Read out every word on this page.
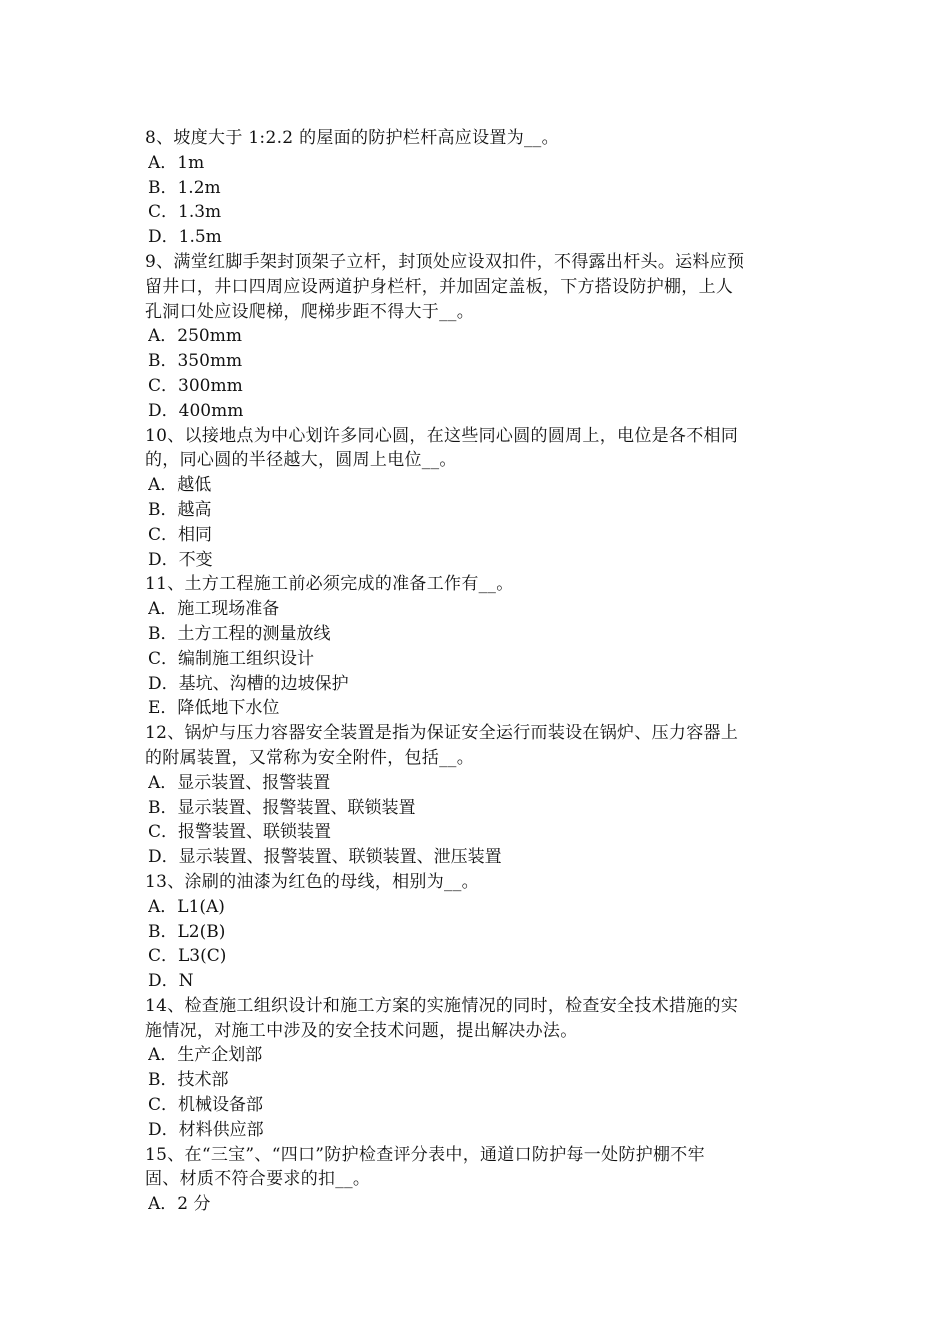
8、坡度大于 1:2.2 的屋面的防护栏杆高应设置为__。
A．1m
B．1.2m
C．1.3m
D．1.5m
9、满堂红脚手架封顶架子立杆，封顶处应设双扣件，不得露出杆头。运料应预
留井口，井口四周应设两道护身栏杆，并加固定盖板，下方搭设防护棚，上人
孔洞口处应设爬梯，爬梯步距不得大于__。
A．250mm
B．350mm
C．300mm
D．400mm
10、以接地点为中心划许多同心圆，在这些同心圆的圆周上，电位是各不相同
的，同心圆的半径越大，圆周上电位__。
A．越低
B．越高
C．相同
D．不变
11、土方工程施工前必须完成的准备工作有__。
A．施工现场准备
B．土方工程的测量放线
C．编制施工组织设计
D．基坑、沟槽的边坡保护
E．降低地下水位
12、锅炉与压力容器安全装置是指为保证安全运行而装设在锅炉、压力容器上
的附属装置，又常称为安全附件，包括__。
A．显示装置、报警装置
B．显示装置、报警装置、联锁装置
C．报警装置、联锁装置
D．显示装置、报警装置、联锁装置、泄压装置
13、涂刷的油漆为红色的母线，相别为__。
A．L1(A)
B．L2(B)
C．L3(C)
D．N
14、检查施工组织设计和施工方案的实施情况的同时，检查安全技术措施的实
施情况，对施工中涉及的安全技术问题，提出解决办法。
A．生产企划部
B．技术部
C．机械设备部
D．材料供应部
15、在“三宝”、“四口”防护检查评分表中，通道口防护每一处防护棚不牢
固、材质不符合要求的扣__。
A．2 分
